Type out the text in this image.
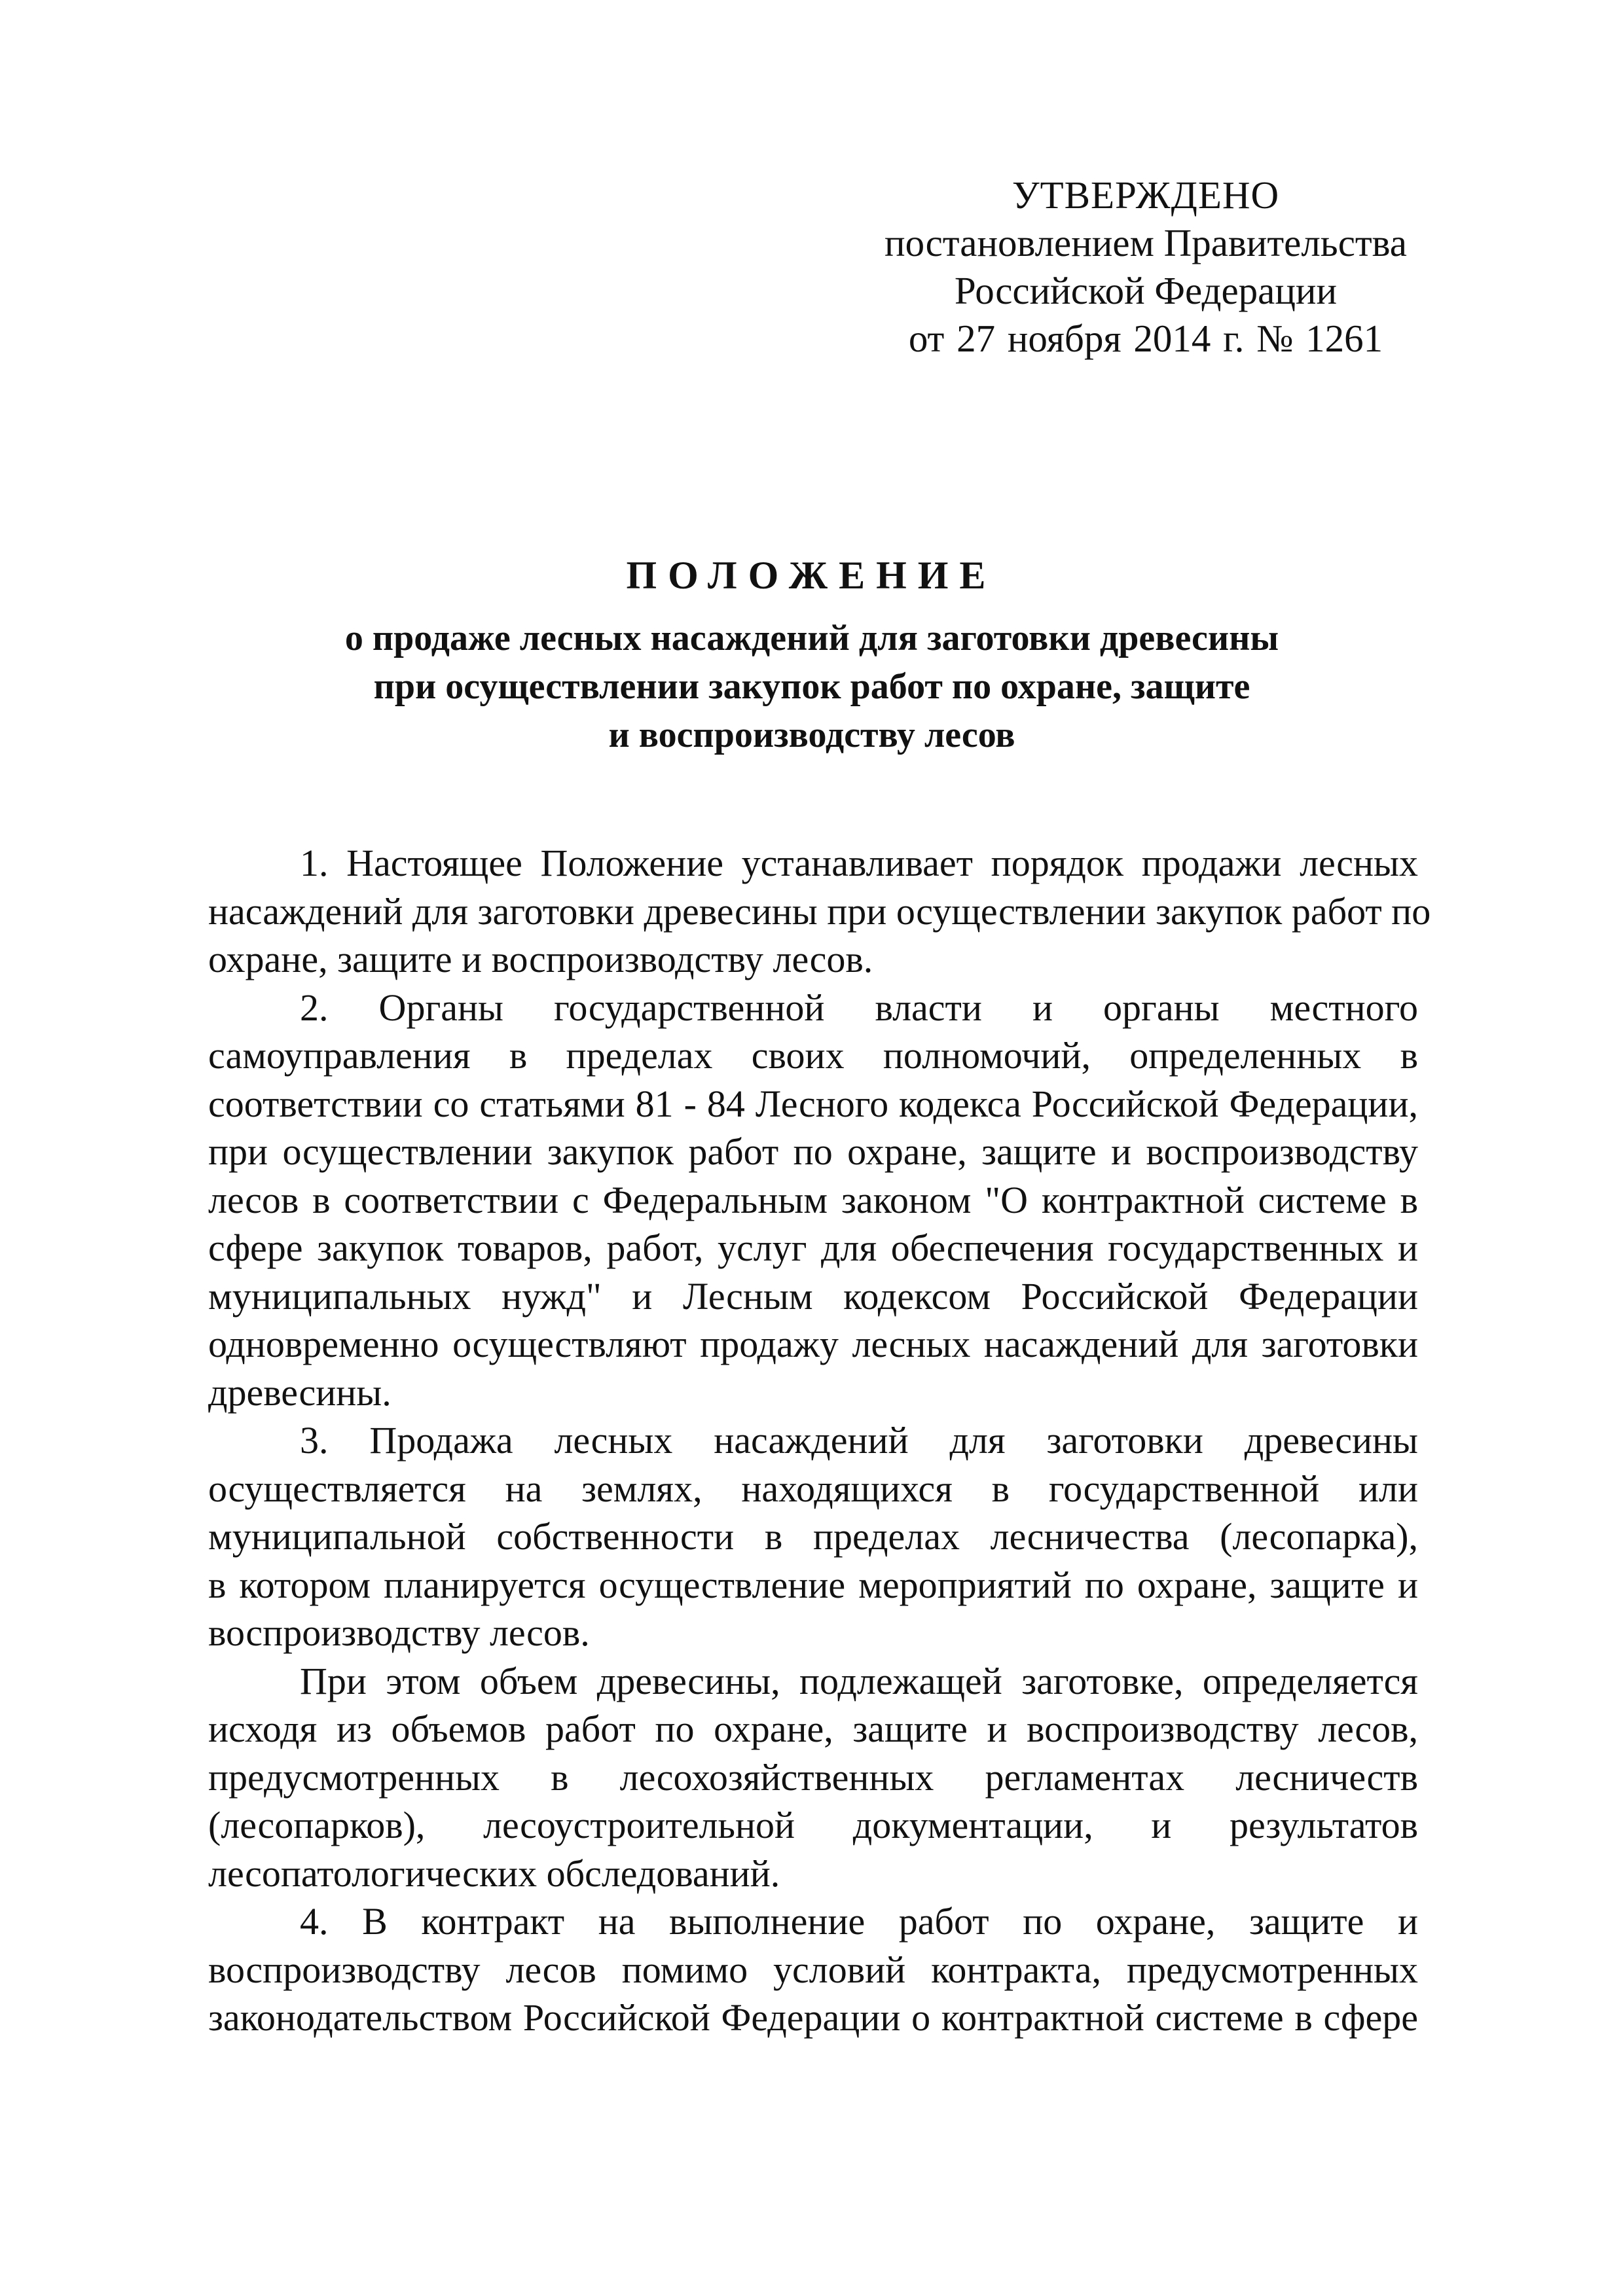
УТВЕРЖДЕНО
постановлением Правительства
Российской Федерации
от 27 ноября 2014 г. № 1261
ПОЛОЖЕНИЕ
о продаже лесных насаждений для заготовки древесины
при осуществлении закупок работ по охране, защите
и воспроизводству лесов
1. Настоящее Положение устанавливает порядок продажи лесных
насаждений для заготовки древесины при осуществлении закупок работ по
охране, защите и воспроизводству лесов.
2. Органы государственной власти и органы местного
самоуправления в пределах своих полномочий, определенных в
соответствии со статьями 81 - 84 Лесного кодекса Российской Федерации,
при осуществлении закупок работ по охране, защите и воспроизводству
лесов в соответствии с Федеральным законом "О контрактной системе в
сфере закупок товаров, работ, услуг для обеспечения государственных и
муниципальных нужд" и Лесным кодексом Российской Федерации
одновременно осуществляют продажу лесных насаждений для заготовки
древесины.
3. Продажа лесных насаждений для заготовки древесины
осуществляется на землях, находящихся в государственной или
муниципальной собственности в пределах лесничества (лесопарка),
в котором планируется осуществление мероприятий по охране, защите и
воспроизводству лесов.
При этом объем древесины, подлежащей заготовке, определяется
исходя из объемов работ по охране, защите и воспроизводству лесов,
предусмотренных в лесохозяйственных регламентах лесничеств
(лесопарков), лесоустроительной документации, и результатов
лесопатологических обследований.
4. В контракт на выполнение работ по охране, защите и
воспроизводству лесов помимо условий контракта, предусмотренных
законодательством Российской Федерации о контрактной системе в сфере
